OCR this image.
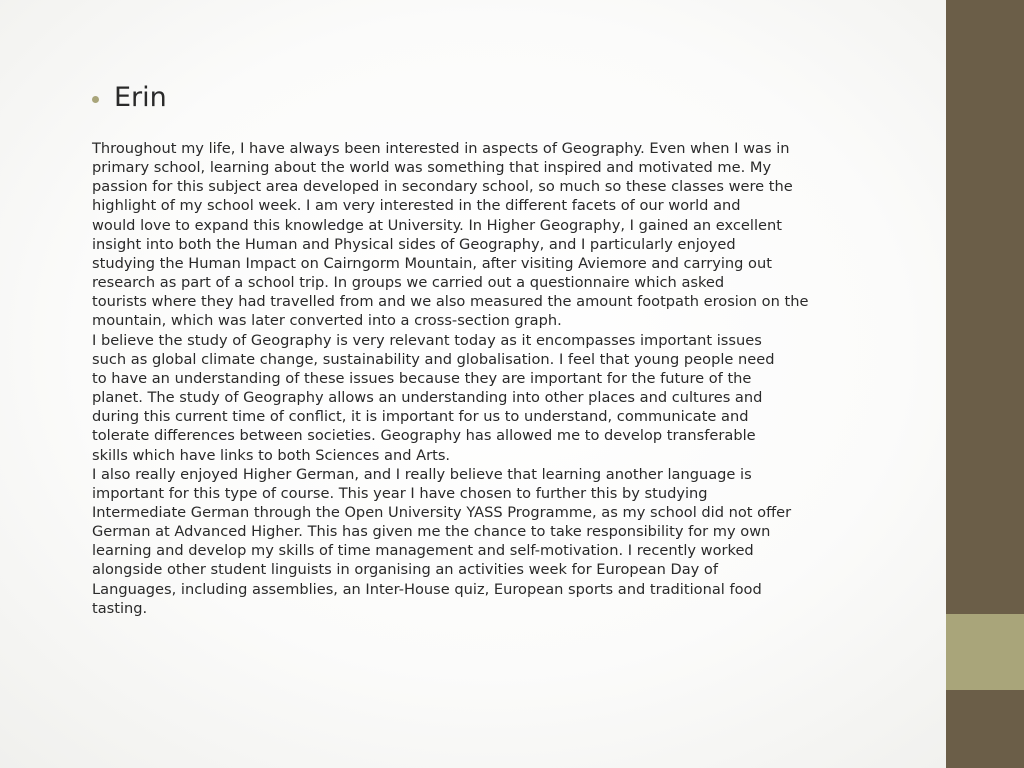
Erin
Throughout my life, I have always been interested in aspects of Geography. Even when I was in
primary school, learning about the world was something that inspired and motivated me. My
passion for this subject area developed in secondary school, so much so these classes were the
highlight of my school week. I am very interested in the different facets of our world and
would love to expand this knowledge at University. In Higher Geography, I gained an excellent
insight into both the Human and Physical sides of Geography, and I particularly enjoyed
studying the Human Impact on Cairngorm Mountain, after visiting Aviemore and carrying out
research as part of a school trip. In groups we carried out a questionnaire which asked
tourists where they had travelled from and we also measured the amount footpath erosion on the
mountain, which was later converted into a cross-section graph.
I believe the study of Geography is very relevant today as it encompasses important issues
such as global climate change, sustainability and globalisation. I feel that young people need
to have an understanding of these issues because they are important for the future of the
planet. The study of Geography allows an understanding into other places and cultures and
during this current time of conflict, it is important for us to understand, communicate and
tolerate differences between societies. Geography has allowed me to develop transferable
skills which have links to both Sciences and Arts.
I also really enjoyed Higher German, and I really believe that learning another language is
important for this type of course. This year I have chosen to further this by studying
Intermediate German through the Open University YASS Programme, as my school did not offer
German at Advanced Higher. This has given me the chance to take responsibility for my own
learning and develop my skills of time management and self-motivation. I recently worked
alongside other student linguists in organising an activities week for European Day of
Languages, including assemblies, an Inter-House quiz, European sports and traditional food
tasting.
